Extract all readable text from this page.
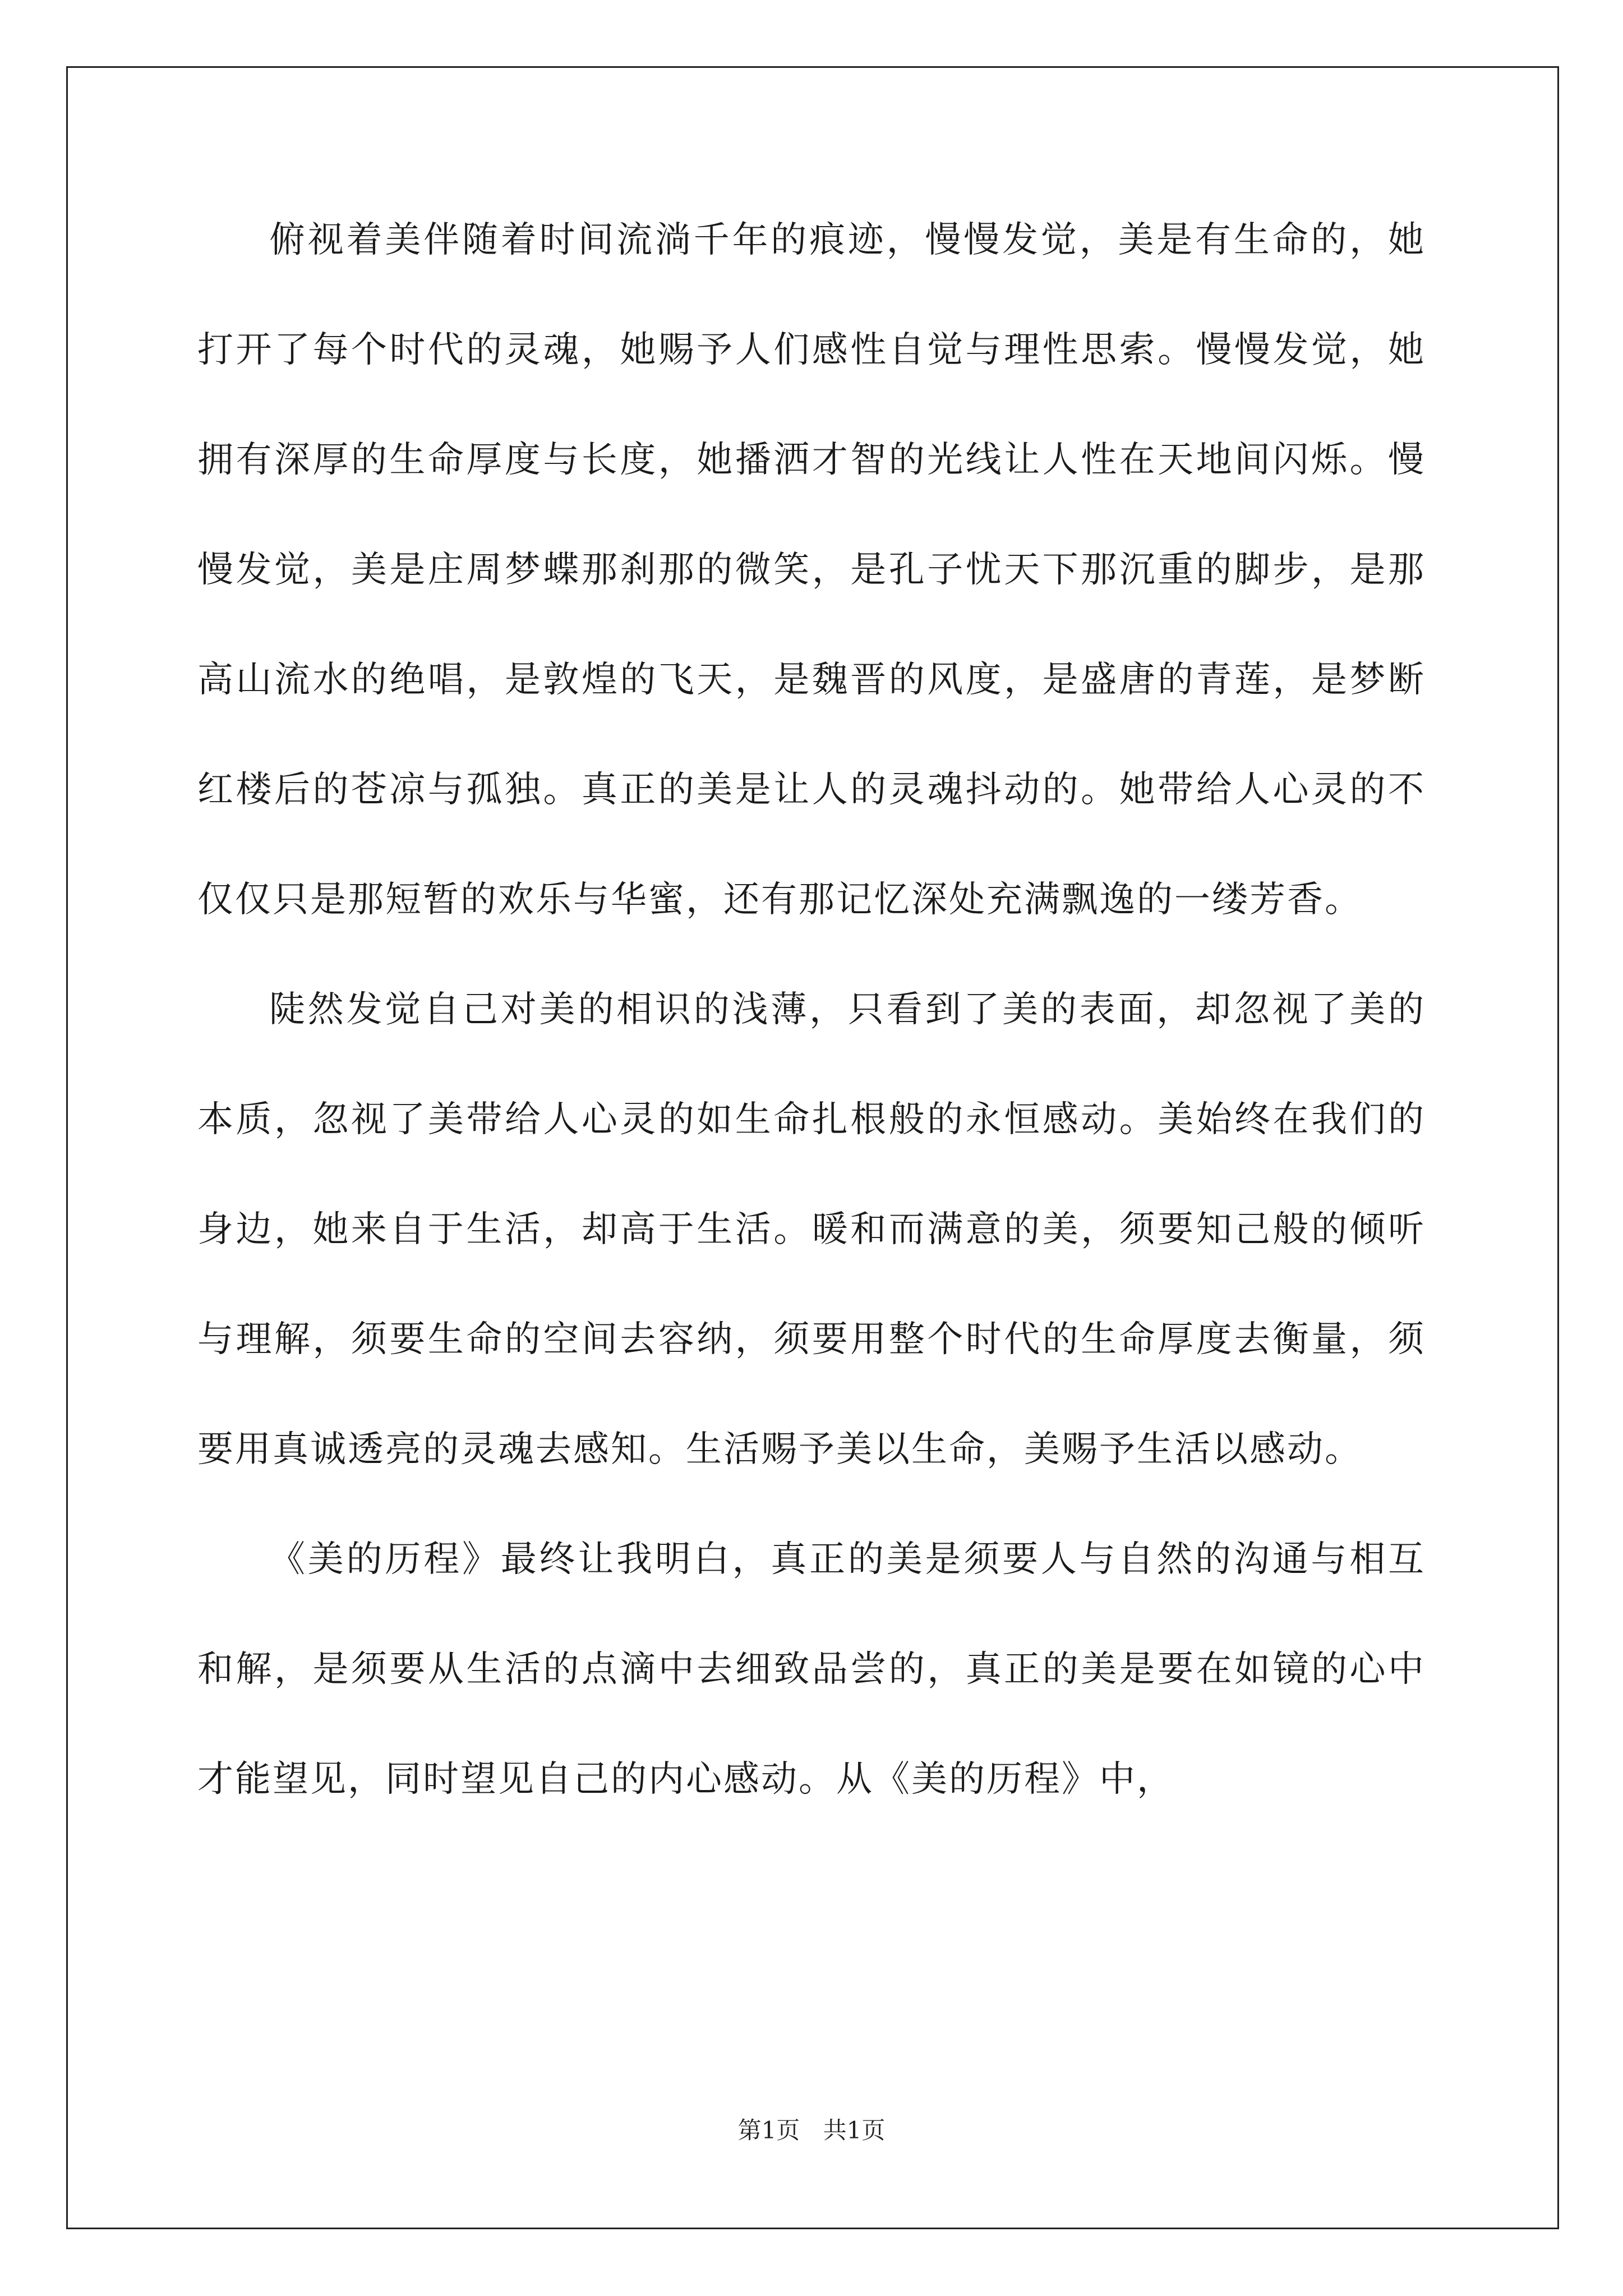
俯视着美伴随着时间流淌千年的痕迹，慢慢发觉，美是有生命的，她打开了每个时代的灵魂，她赐予人们感性自觉与理性思索。慢慢发觉，她拥有深厚的生命厚度与长度，她播洒才智的光线让人性在天地间闪烁。慢慢发觉，美是庄周梦蝶那刹那的微笑，是孔子忧天下那沉重的脚步，是那高山流水的绝唱，是敦煌的飞天，是魏晋的风度，是盛唐的青莲，是梦断红楼后的苍凉与孤独。真正的美是让人的灵魂抖动的。她带给人心灵的不仅仅只是那短暂的欢乐与华蜜，还有那记忆深处充满飘逸的一缕芳香。

陡然发觉自己对美的相识的浅薄，只看到了美的表面，却忽视了美的本质，忽视了美带给人心灵的如生命扎根般的永恒感动。美始终在我们的身边，她来自于生活，却高于生活。暖和而满意的美，须要知己般的倾听与理解，须要生命的空间去容纳，须要用整个时代的生命厚度去衡量，须要用真诚透亮的灵魂去感知。生活赐予美以生命，美赐予生活以感动。

《美的历程》最终让我明白，真正的美是须要人与自然的沟通与相互和解，是须要从生活的点滴中去细致品尝的，真正的美是要在如镜的心中才能望见，同时望见自己的内心感动。从《美的历程》中，

第1页 共1页
